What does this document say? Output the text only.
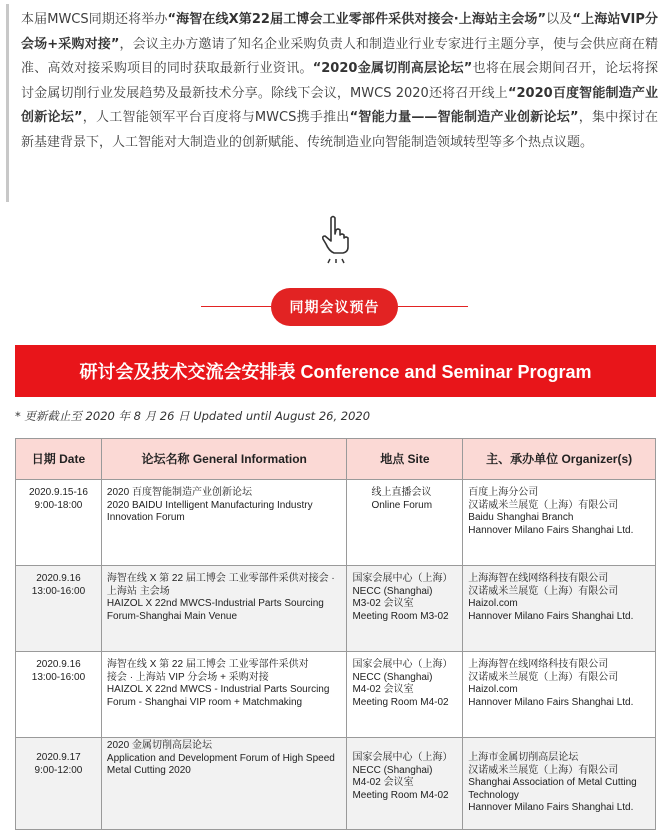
本届MWCS同期还将举办“海智在线X第22届工博会工业零部件采供对接会·上海站主会场”以及“上海站VIP分会场+采购对接”，会议主办方邀请了知名企业采购负责人和制造业行业专家进行主题分享，使与会供应商在精准、高效对接采购项目的同时获取最新行业资讯。“2020金属切削高层论坛”也将在展会期间召开，论坛将探讨金属切削行业发展趋势及最新技术分享。除线下会议，MWCS 2020还将召开线上“2020百度智能制造产业创新论坛”，人工智能领军平台百度将与MWCS携手推出“智能力量——智能制造产业创新论坛”，集中探讨在新基建背景下，人工智能对大制造业的创新赋能、传统制造业向智能制造领域转型等多个热点议题。
同期会议预告
研讨会及技术交流会安排表 Conference and Seminar Program
* 更新截止至 2020 年 8 月 26 日 Updated until August 26, 2020
日期 Date	论坛名称 General Information	地点 Site	主、承办单位 Organizer(s)

2020.9.15-16
9:00-18:00	2020 百度智能制造产业创新论坛
2020 BAIDU Intelligent Manufacturing Industry
Innovation Forum	线上直播会议
Online Forum	百度上海分公司
汉诺威米兰展览（上海）有限公司
Baidu Shanghai Branch
Hannover Milano Fairs Shanghai Ltd.

2020.9.16
13:00-16:00	海智在线 X 第 22 届工博会 工业零部件采供对接会 ·
上海站 主会场
HAIZOL X 22nd MWCS-Industrial Parts Sourcing
Forum-Shanghai Main Venue	国家会展中心（上海）
NECC (Shanghai)
M3-02 会议室
Meeting Room M3-02	上海海智在线网络科技有限公司
汉诺威米兰展览（上海）有限公司
Haizol.com
Hannover Milano Fairs Shanghai Ltd.

2020.9.16
13:00-16:00	海智在线 X 第 22 届工博会 工业零部件采供对
接会 · 上海站 VIP 分会场 + 采购对接
HAIZOL X 22nd MWCS - Industrial Parts Sourcing
Forum - Shanghai VIP room + Matchmaking	国家会展中心（上海）
NECC (Shanghai)
M4-02 会议室
Meeting Room M4-02	上海海智在线网络科技有限公司
汉诺威米兰展览（上海）有限公司
Haizol.com
Hannover Milano Fairs Shanghai Ltd.

2020.9.17
9:00-12:00	2020 金属切削高层论坛
Application and Development Forum of High Speed
Metal Cutting 2020	国家会展中心（上海）
NECC (Shanghai)
M4-02 会议室
Meeting Room M4-02	上海市金属切削高层论坛
汉诺威米兰展览（上海）有限公司
Shanghai Association of Metal Cutting
Technology
Hannover Milano Fairs Shanghai Ltd.
